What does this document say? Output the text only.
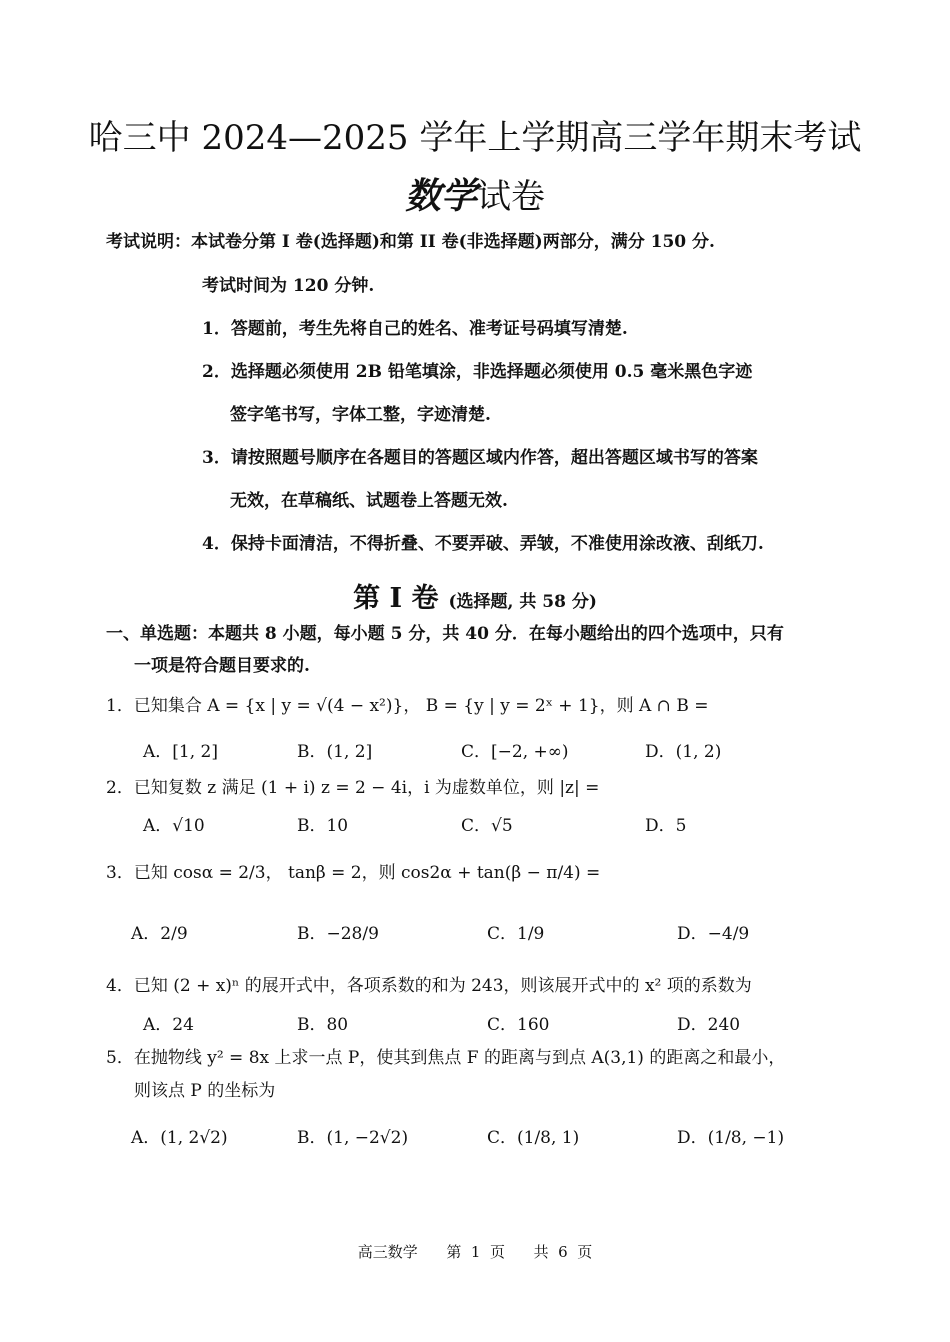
哈三中 2024—2025 学年上学期高三学年期末考试
数学试卷
考试说明：本试卷分第 I 卷(选择题)和第 II 卷(非选择题)两部分，满分 150 分.
考试时间为 120 分钟.
1．答题前，考生先将自己的姓名、准考证号码填写清楚.
2．选择题必须使用 2B 铅笔填涂，非选择题必须使用 0.5 毫米黑色字迹
签字笔书写，字体工整，字迹清楚.
3．请按照题号顺序在各题目的答题区域内作答，超出答题区域书写的答案
无效，在草稿纸、试题卷上答题无效.
4．保持卡面清洁，不得折叠、不要弄破、弄皱，不准使用涂改液、刮纸刀.
第 I 卷 (选择题, 共 58 分)
一、单选题：本题共 8 小题，每小题 5 分，共 40 分．在每小题给出的四个选项中，只有
一项是符合题目要求的.
1．已知集合 A = {x | y = √(4 − x²)}， B = {y | y = 2ˣ + 1}，则 A ∩ B =
A．[1, 2]	B．(1, 2]	C．[−2, +∞)	D．(1, 2)
2．已知复数 z 满足 (1 + i) z = 2 − 4i，i 为虚数单位，则 |z| =
A．√10	B．10	C．√5	D．5
3．已知 cosα = 2/3， tanβ = 2，则 cos2α + tan(β − π/4) =
A．2/9	B．−28/9	C．1/9	D．−4/9
4．已知 (2 + x)ⁿ 的展开式中，各项系数的和为 243，则该展开式中的 x² 项的系数为
A．24	B．80	C．160	D．240
5．在抛物线 y² = 8x 上求一点 P，使其到焦点 F 的距离与到点 A(3,1) 的距离之和最小，
则该点 P 的坐标为
A．(1, 2√2)	B．(1, −2√2)	C．(1/8, 1)	D．(1/8, −1)
高三数学      第  1  页      共  6  页
